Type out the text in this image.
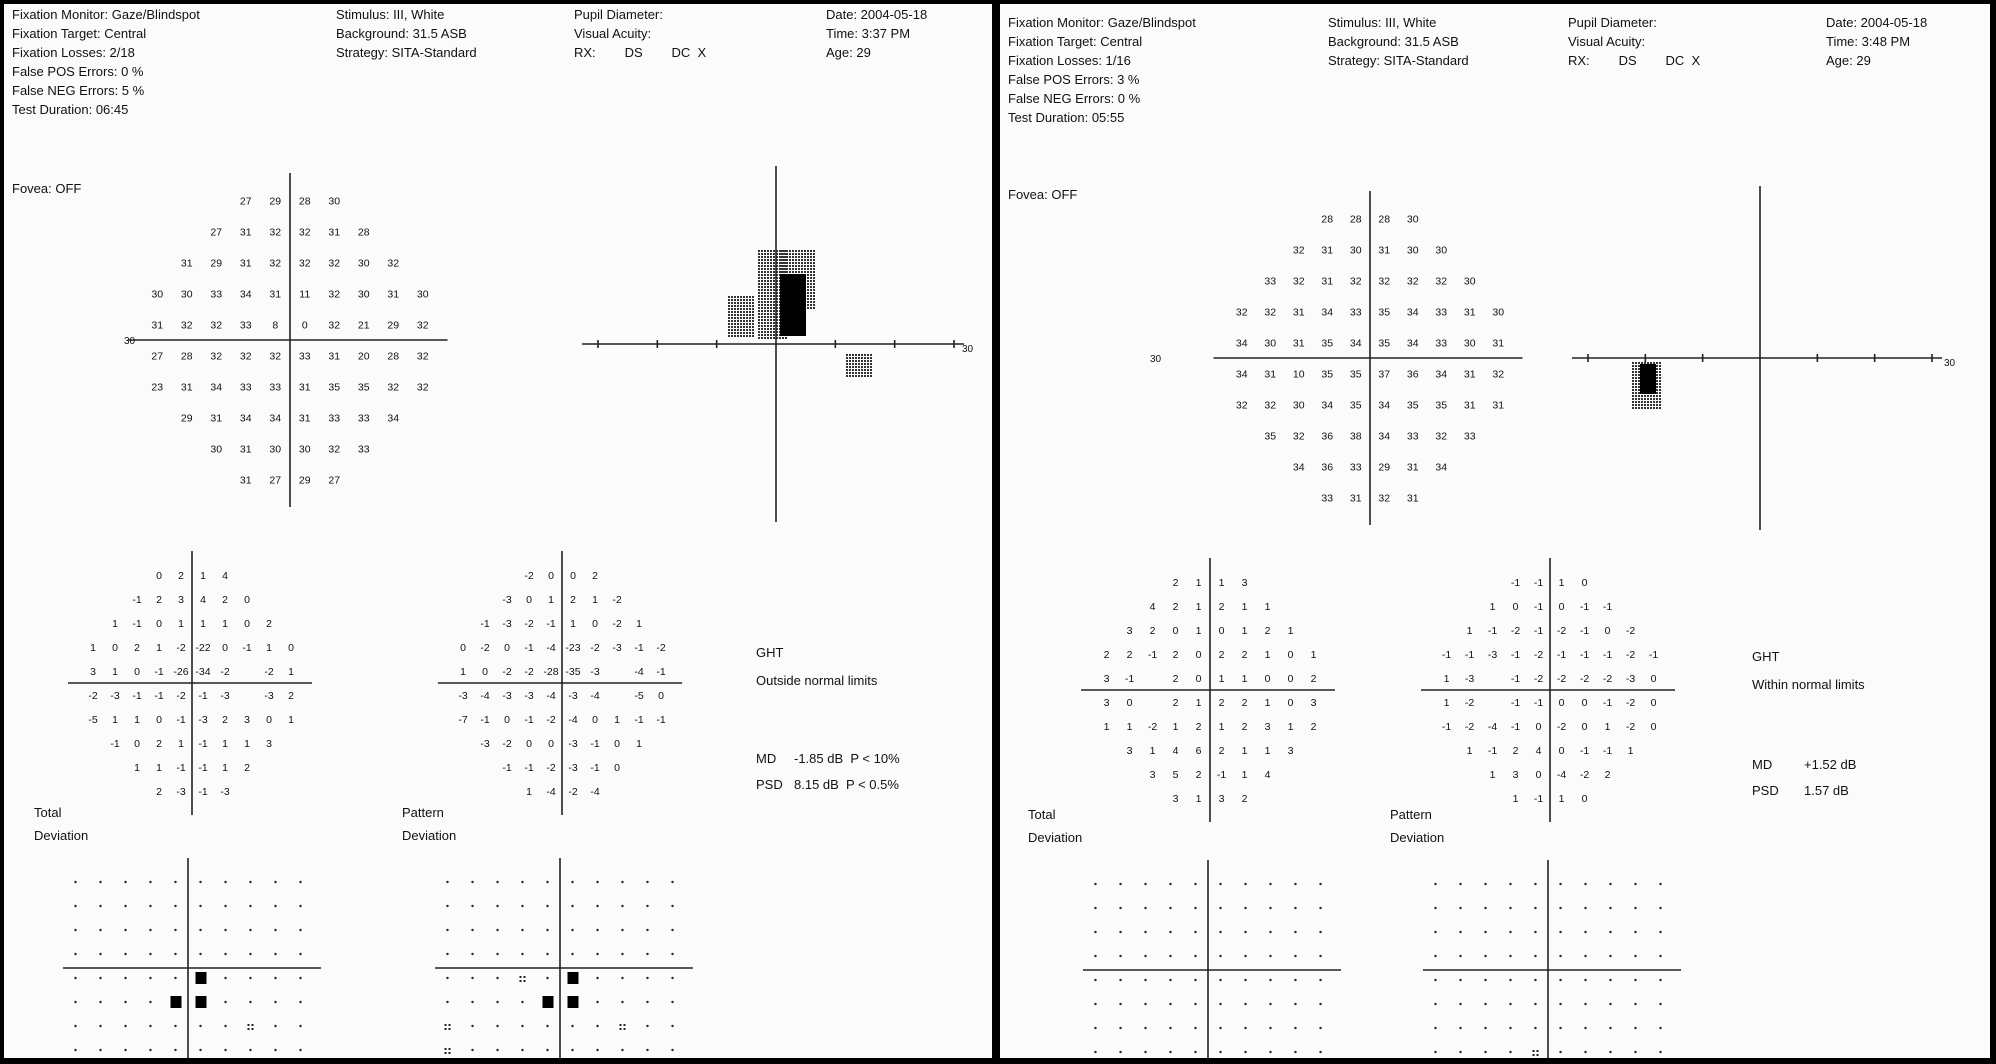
Fixation Monitor: Gaze/Blindspot
Fixation Target: Central
Fixation Losses: 2/18
False POS Errors: 0 %
False NEG Errors: 5 %
Test Duration: 06:45
Fovea: OFF
Stimulus: III, White
Background: 31.5 ASB
Strategy: SITA-Standard
Pupil Diameter:
Visual Acuity:
RX:        DS        DC  X
Date: 2004-05-18
Time: 3:37 PM
Age: 29
27 29 28 30
27 31 32 32 31 28
31 29 31 32 32 32 30 32
30 30 33 34 31 11 32 30 31 30
31 32 32 33 8 0 32 21 29 32
27 28 32 32 32 33 31 20 28 32
23 31 34 33 33 31 35 35 32 32
29 31 34 34 31 33 33 34
30 31 30 30 32 33
31 27 29 27
30
30
0 2 1 4
-1 2 3 4 2 0
1 -1 0 1 1 1 0 2
1 0 2 1 -2 -22 0 -1 1 0
3 1 0 -1 -26 -34 -2	-2 1
-2 -3 -1 -1 -2 -1 -3	-3 2
-5 1 1 0 -1 -3 2 3 0 1
-1 0 2 1 -1 1 1 3
1 1 -1 -1 1 2
2 -3 -1 -3
-2 0 0 2
-3 0 1 2 1 -2
-1 -3 -2 -1 1 0 -2 1
0 -2 0 -1 -4 -23 -2 -3 -1 -2
1 0 -2 -2 -28 -35 -3	-4 -1
-3 -4 -3 -3 -4 -3 -4	-5 0
-7 -1 0 -1 -2 -4 0 1 -1 -1
-3 -2 0 0 -3 -1 0 1
-1 -1 -2 -3 -1 0
1 -4 -2 -4
GHT
Outside normal limits
MD -1.85 dB  P < 10%
PSD 8.15 dB  P < 0.5%
Total
Deviation
Pattern
Deviation
Fixation Monitor: Gaze/Blindspot
Fixation Target: Central
Fixation Losses: 1/16
False POS Errors: 3 %
False NEG Errors: 0 %
Test Duration: 05:55
Fovea: OFF
Stimulus: III, White
Background: 31.5 ASB
Strategy: SITA-Standard
Pupil Diameter:
Visual Acuity:
RX:        DS        DC  X
Date: 2004-05-18
Time: 3:48 PM
Age: 29
28 28 28 30
32 31 30 31 30 30
33 32 31 32 32 32 32 30
32 32 31 34 33 35 34 33 31 30
34 30 31 35 34 35 34 33 30 31
34 31 10 35 35 37 36 34 31 32
32 32 30 34 35 34 35 35 31 31
35 32 36 38 34 33 32 33
34 36 33 29 31 34
33 31 32 31
30	30
2 1 1 3
4 2 1 2 1 1
3 2 0 1 0 1 2 1
2 2 -1 2 0 2 2 1 0 1
3 -1	2 0 1 1 0 0 2
3 0	2 1 2 2 1 0 3
1 1 -2 1 2 1 2 3 1 2
3 1 4 6 2 1 1 3
3 5 2 -1 1 4
3 1 3 2
-1 -1 1 0
1 0 -1 0 -1 -1
1 -1 -2 -1 -2 -1 0 -2
-1 -1 -3 -1 -2 -1 -1 -1 -2 -1
1 -3	-1 -2 -2 -2 -2 -3 0
1 -2	-1 -1 0 0 -1 -2 0
-1 -2 -4 -1 0 -2 0 1 -2 0
1 -1 2 4 0 -1 -1 1
1 3 0 -4 -2 2
1 -1 1 0
GHT
Within normal limits
MD +1.52 dB
PSD 1.57 dB
Total
Deviation
Pattern
Deviation
